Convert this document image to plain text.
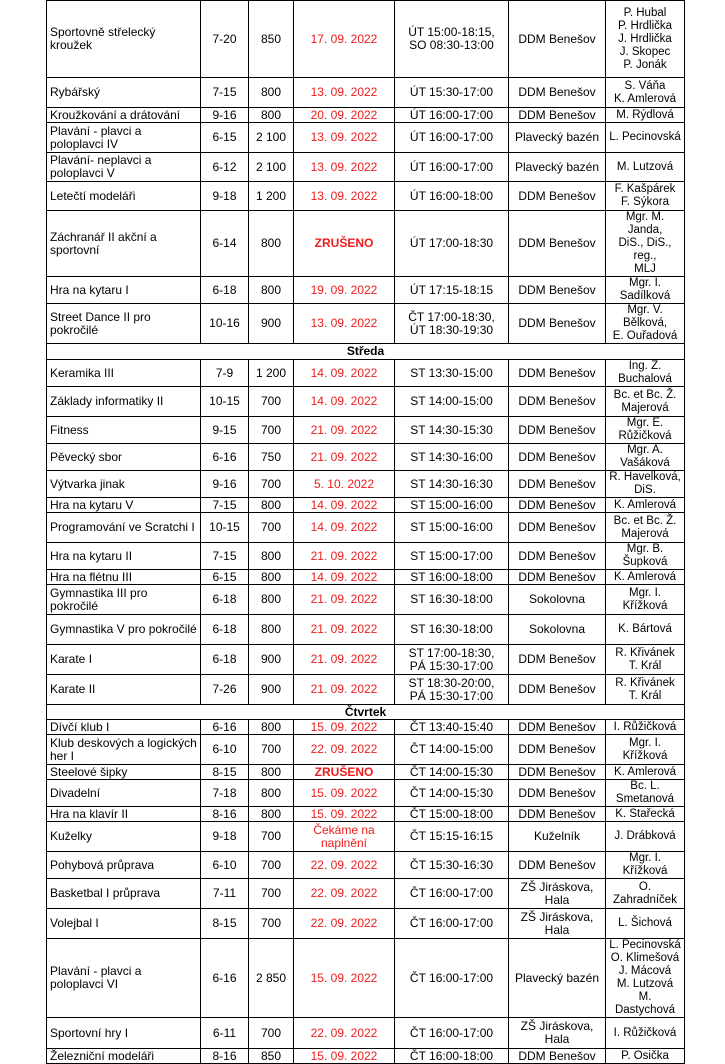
Sportovně střelecký kroužek	7-20	850	17. 09. 2022	ÚT 15:00-18:15,
SO 08:30-13:00	DDM Benešov	P. Hubal
P. Hrdlička
J. Hrdlička
J. Skopec
P. Jonák
Rybářský	7-15	800	13. 09. 2022	ÚT 15:30-17:00	DDM Benešov	S. Váňa
K. Amlerová
Kroužkování a drátování	9-16	800	20. 09. 2022	ÚT 16:00-17:00	DDM Benešov	M. Rýdlová
Plavání - plavci a poloplavci IV	6-15	2 100	13. 09. 2022	ÚT 16:00-17:00	Plavecký bazén	L. Pecinovská
Plavání- neplavci a poloplavci V	6-12	2 100	13. 09. 2022	ÚT 16:00-17:00	Plavecký bazén	M. Lutzová
Letečtí modeláři	9-18	1 200	13. 09. 2022	ÚT 16:00-18:00	DDM Benešov	F. Kašpárek
F. Sýkora
Záchranář II akční a sportovní	6-14	800	ZRUŠENO	ÚT 17:00-18:30	DDM Benešov	Mgr. M. Janda,
DiS., DiS., reg.,
MLJ
Hra na kytaru I	6-18	800	19. 09. 2022	ÚT 17:15-18:15	DDM Benešov	Mgr. I. Sadílková
Street Dance II pro pokročilé	10-16	900	13. 09. 2022	ČT 17:00-18:30,
ÚT 18:30-19:30	DDM Benešov	Mgr. V. Bělková,
E. Ouřadová
Středa						
Keramika III	7-9	1 200	14. 09. 2022	ST 13:30-15:00	DDM Benešov	Ing. Z. Buchalová
Základy informatiky II	10-15	700	14. 09. 2022	ST 14:00-15:00	DDM Benešov	Bc. et Bc. Ž.
Majerová
Fitness	9-15	700	21. 09. 2022	ST 14:30-15:30	DDM Benešov	Mgr. E. Růžičková
Pěvecký sbor	6-16	750	21. 09. 2022	ST 14:30-16:00	DDM Benešov	Mgr. A. Vašáková
Výtvarka jinak	9-16	700	5. 10. 2022	ST 14:30-16:30	DDM Benešov	R. Havelková, DiS.
Hra na kytaru V	7-15	800	14. 09. 2022	ST 15:00-16:00	DDM Benešov	K. Amlerová
Programování ve Scratchi I	10-15	700	14. 09. 2022	ST 15:00-16:00	DDM Benešov	Bc. et Bc. Ž.
Majerová
Hra na kytaru II	7-15	800	21. 09. 2022	ST 15:00-17:00	DDM Benešov	Mgr. B. Šupková
Hra na flétnu III	6-15	800	14. 09. 2022	ST 16:00-18:00	DDM Benešov	K. Amlerová
Gymnastika III pro pokročilé	6-18	800	21. 09. 2022	ST 16:30-18:00	Sokolovna	Mgr. I. Křížková
Gymnastika V pro pokročilé	6-18	800	21. 09. 2022	ST 16:30-18:00	Sokolovna	K. Bártová
Karate I	6-18	900	21. 09. 2022	ST 17:00-18:30,
PÁ 15:30-17:00	DDM Benešov	R. Křivánek
T. Král
Karate II	7-26	900	21. 09. 2022	ST 18:30-20:00,
PÁ 15:30-17:00	DDM Benešov	R. Křivánek
T. Král
Čtvrtek						
Dívčí klub I	6-16	800	15. 09. 2022	ČT 13:40-15:40	DDM Benešov	I. Růžičková
Klub deskových a logických her I	6-10	700	22. 09. 2022	ČT 14:00-15:00	DDM Benešov	Mgr. I. Křížková
Steelové šipky	8-15	800	ZRUŠENO	ČT 14:00-15:30	DDM Benešov	K. Amlerová
Divadelní	7-18	800	15. 09. 2022	ČT 14:00-15:30	DDM Benešov	Bc. L. Smetanová
Hra na klavír II	8-16	800	15. 09. 2022	ČT 15:00-18:00	DDM Benešov	K. Stařecká
Kuželky	9-18	700	Čekáme na
naplnění	ČT 15:15-16:15	Kuželník	J. Drábková
Pohybová průprava	6-10	700	22. 09. 2022	ČT 15:30-16:30	DDM Benešov	Mgr. I. Křížková
Basketbal I průprava	7-11	700	22. 09. 2022	ČT 16:00-17:00	ZŠ Jiráskova,
Hala	O. Zahradníček
Volejbal I	8-15	700	22. 09. 2022	ČT 16:00-17:00	ZŠ Jiráskova,
Hala	L. Šichová
Plavání - plavci a poloplavci VI	6-16	2 850	15. 09. 2022	ČT 16:00-17:00	Plavecký bazén	L. Pecinovská
O. Klimešová
J. Mácová
M. Lutzová
M. Dastychová
Sportovní hry I	6-11	700	22. 09. 2022	ČT 16:00-17:00	ZŠ Jiráskova,
Hala	I. Růžičková
Železniční modeláři	8-16	850	15. 09. 2022	ČT 16:00-18:00	DDM Benešov	P. Osička
